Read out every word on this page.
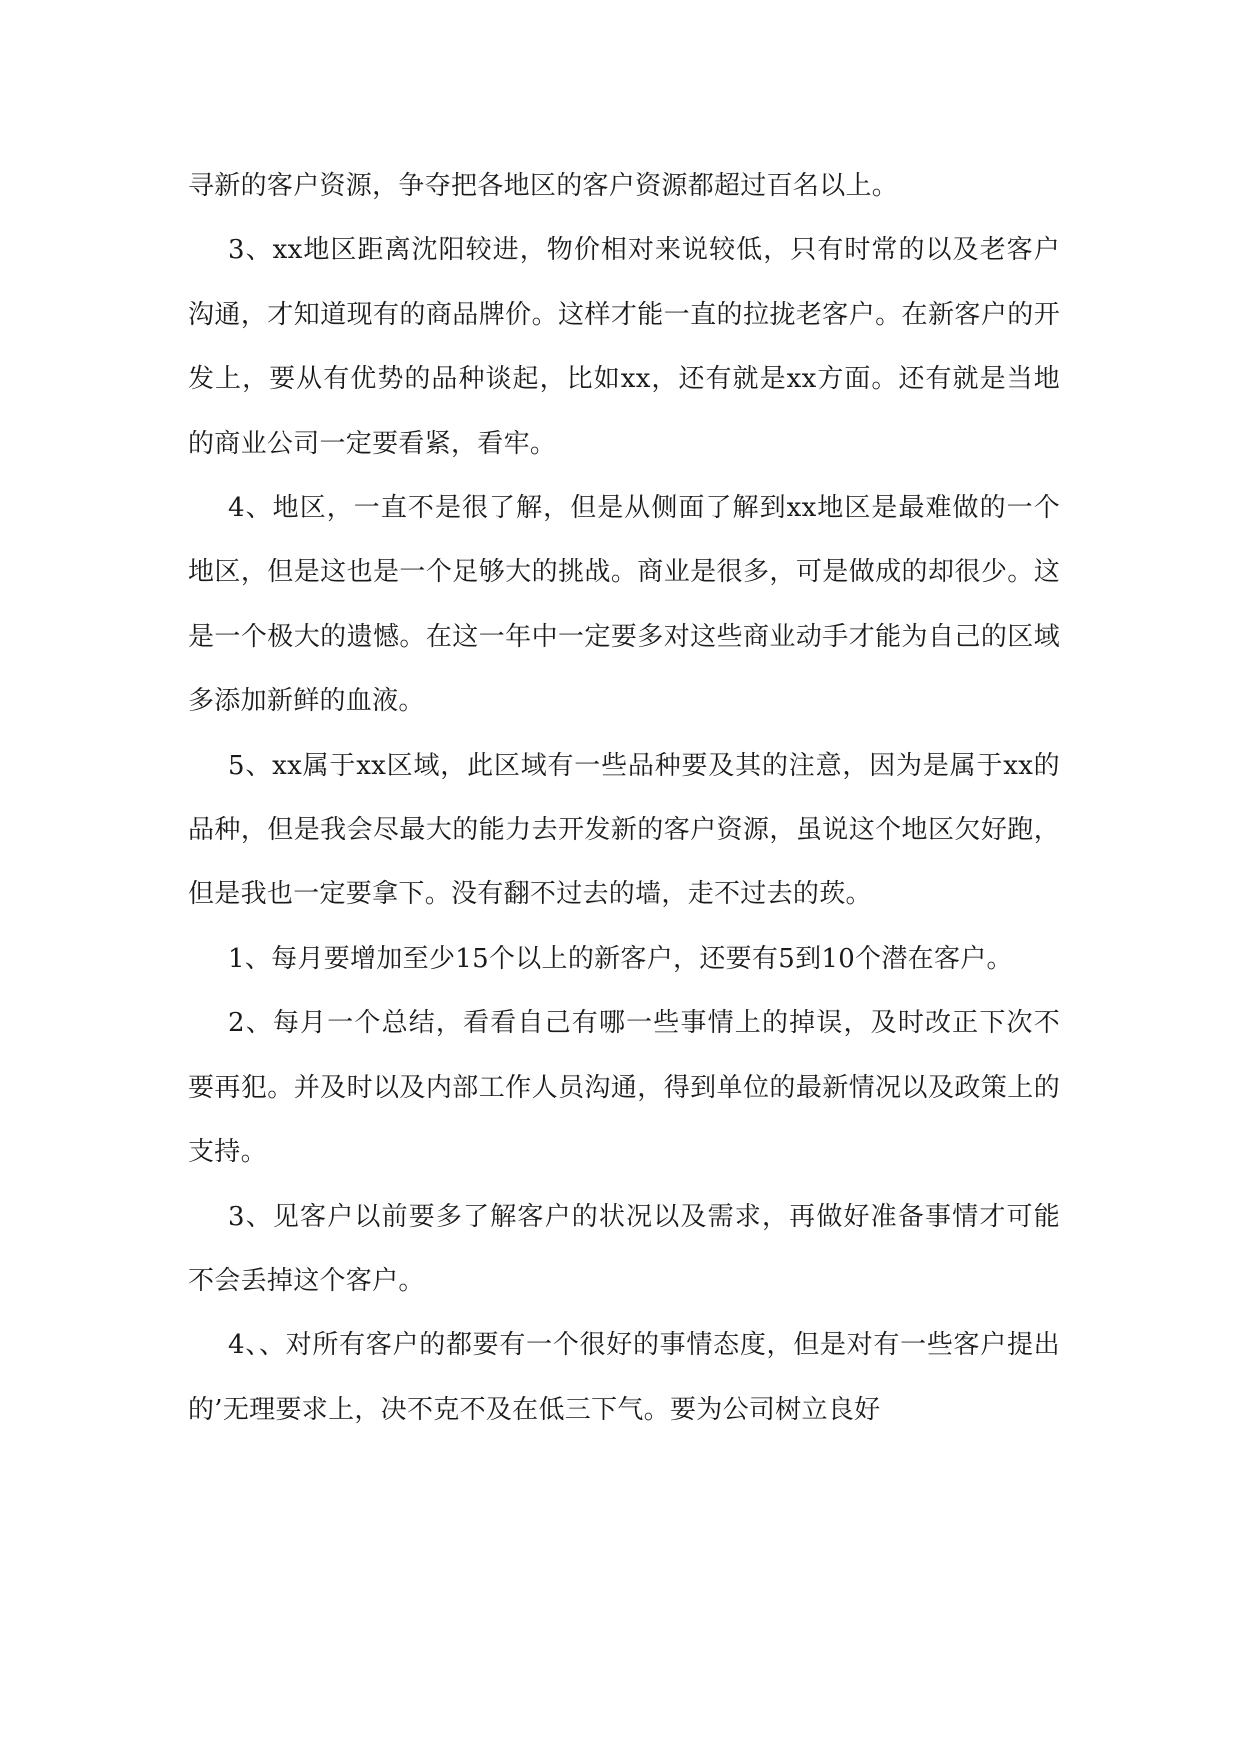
寻新的客户资源，争夺把各地区的客户资源都超过百名以上。

3、xx地区距离沈阳较进，物价相对来说较低，只有时常的以及老客户沟通，才知道现有的商品牌价。这样才能一直的拉拢老客户。在新客户的开发上，要从有优势的品种谈起，比如xx，还有就是xx方面。还有就是当地的商业公司一定要看紧，看牢。

4、地区，一直不是很了解，但是从侧面了解到xx地区是最难做的一个地区，但是这也是一个足够大的挑战。商业是很多，可是做成的却很少。这是一个极大的遗憾。在这一年中一定要多对这些商业动手才能为自己的区域多添加新鲜的血液。

5、xx属于xx区域，此区域有一些品种要及其的注意，因为是属于xx的品种，但是我会尽最大的能力去开发新的客户资源，虽说这个地区欠好跑，但是我也一定要拿下。没有翻不过去的墙，走不过去的莰。

1、每月要增加至少15个以上的新客户，还要有5到10个潜在客户。

2、每月一个总结，看看自己有哪一些事情上的掉误，及时改正下次不要再犯。并及时以及内部工作人员沟通，得到单位的最新情况以及政策上的支持。

3、见客户以前要多了解客户的状况以及需求，再做好准备事情才可能不会丢掉这个客户。

4、、对所有客户的都要有一个很好的事情态度，但是对有一些客户提出的’无理要求上，决不克不及在低三下气。要为公司树立良好
